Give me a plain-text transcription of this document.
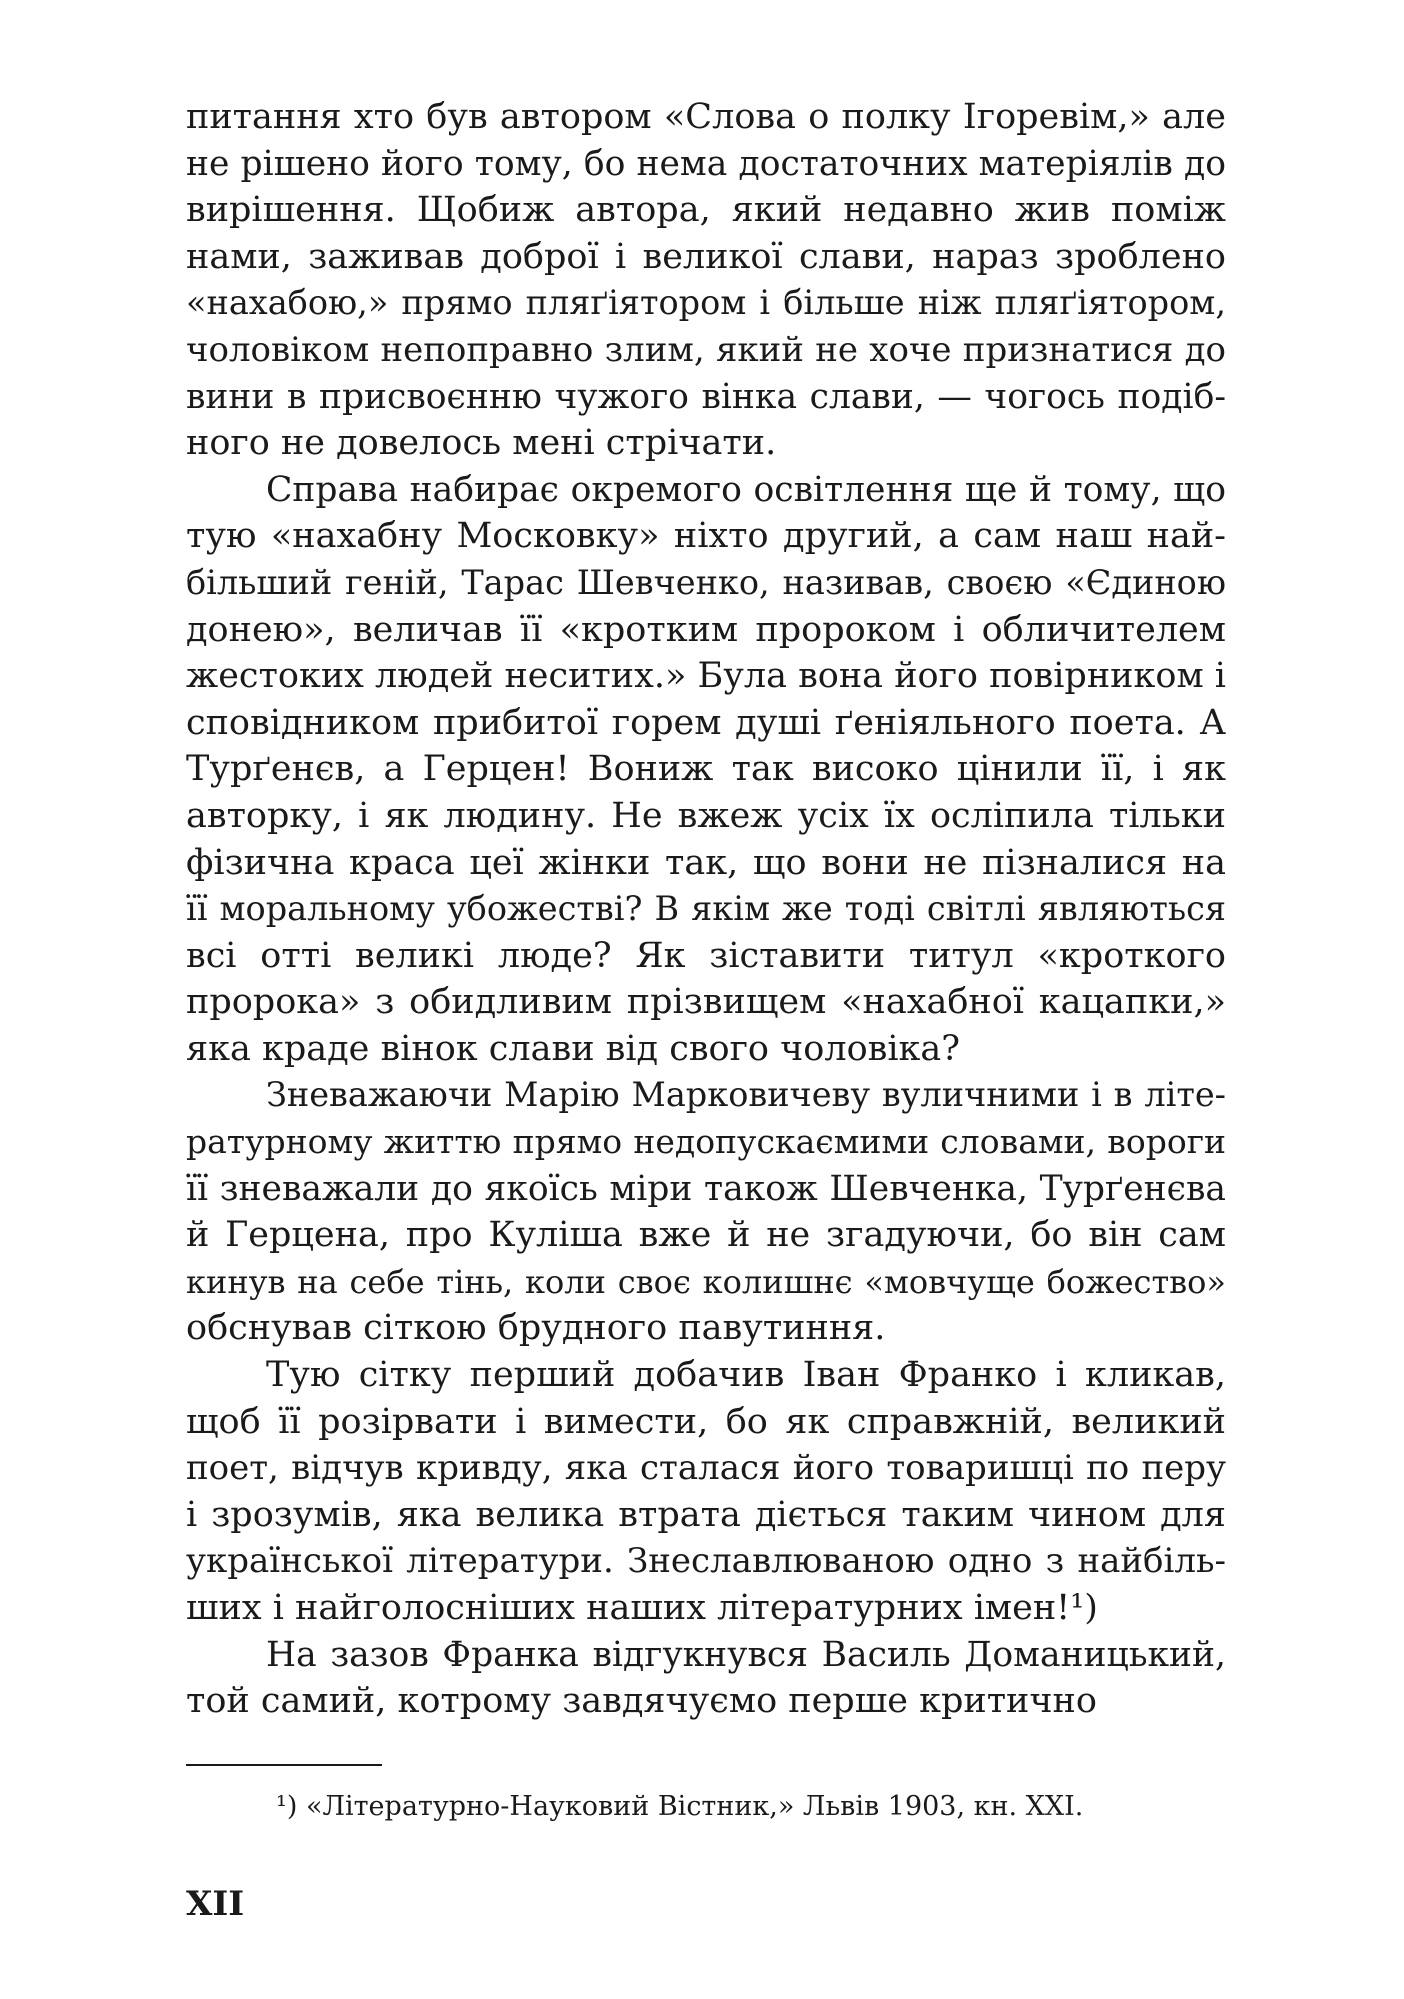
питання хто був автором «Слова о полку Ігоревім,» але
не рішено його тому, бо нема достаточних матеріялів до
вирішення. Щобиж автора, який недавно жив поміж
нами, заживав доброї і великої слави, нараз зроблено
«нахабою,» прямо пляґіятором і більше ніж пляґіятором,
чоловіком непоправно злим, який не хоче признатися до
вини в присвоєнню чужого вінка слави, — чогось подіб-
ного не довелось мені стрічати.
Справа набирає окремого освітлення ще й тому, що
тую «нахабну Московку» ніхто другий, а сам наш най-
більший геній, Тарас Шевченко, називав, своєю «Єдиною
донею», величав її «кротким пророком і обличителем
жестоких людей неситих.» Була вона його повірником і
сповідником прибитої горем душі ґеніяльного поета. А
Турґенєв, а Герцен! Вониж так високо цінили її, і як
авторку, і як людину. Не вжеж усіх їх осліпила тільки
фізична краса цеї жінки так, що вони не пізналися на
її моральному убожестві? В якім же тоді світлі являються
всі отті великі люде? Як зіставити титул «кроткого
пророка» з обидливим прізвищем «нахабної кацапки,»
яка краде вінок слави від свого чоловіка?
Зневажаючи Марію Марковичеву вуличними і в літе-
ратурному життю прямо недопускаємими словами, вороги
її зневажали до якоїсь міри також Шевченка, Турґенєва
й Герцена, про Куліша вже й не згадуючи, бо він сам
кинув на себе тінь, коли своє колишнє «мовчуще божество»
обснував сіткою брудного павутиння.
Тую сітку перший добачив Іван Франко і кликав,
щоб її розірвати і вимести, бо як справжній, великий
поет, відчув кривду, яка сталася його товаришці по перу
і зрозумів, яка велика втрата діється таким чином для
української літератури. Знеславлюваною одно з найбіль-
ших і найголосніших наших літературних імен!¹)
На зазов Франка відгукнувся Василь Доманицький,
той самий, котрому завдячуємо перше критично
¹) «Літературно-Науковий Вістник,» Львів 1903, кн. XXI.
XII
